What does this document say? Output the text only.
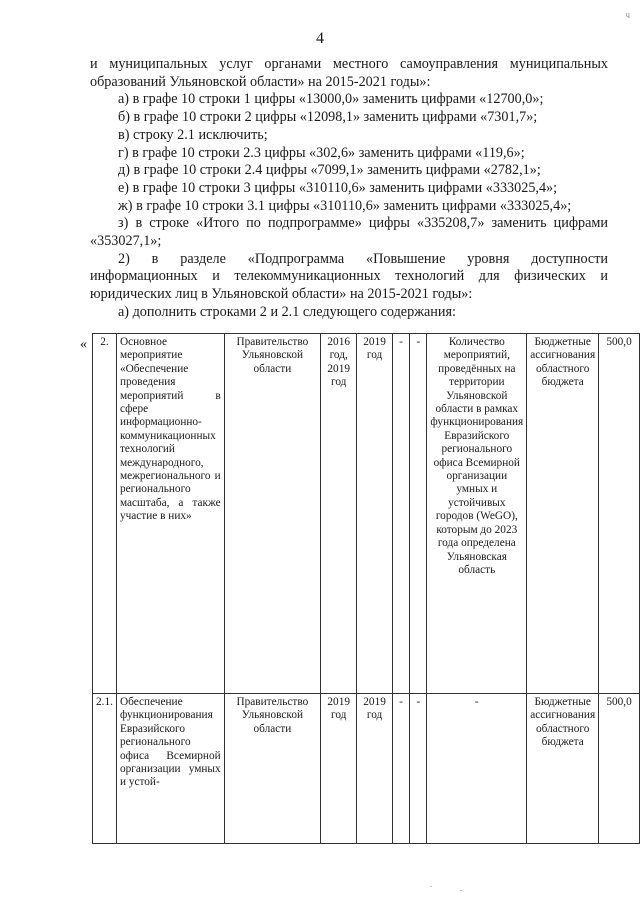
ч
4

и муниципальных услуг органами местного самоуправления муниципальных образований Ульяновской области» на 2015-2021 годы»:

а) в графе 10 строки 1 цифры «13000,0» заменить цифрами «12700,0»;

б) в графе 10 строки 2 цифры «12098,1» заменить цифрами «7301,7»;

в) строку 2.1 исключить;

г) в графе 10 строки 2.3 цифры «302,6» заменить цифрами «119,6»;

д) в графе 10 строки 2.4 цифры «7099,1» заменить цифрами «2782,1»;

е) в графе 10 строки 3 цифры «310110,6» заменить цифрами «333025,4»;

ж) в графе 10 строки 3.1 цифры «310110,6» заменить цифрами «333025,4»;

з) в строке «Итого по подпрограмме» цифры «335208,7» заменить цифрами «353027,1»;

2) в разделе «Подпрограмма «Повышение уровня доступности информационных и телекоммуникационных технологий для физических и юридических лиц в Ульяновской области» на 2015-2021 годы»:

а) дополнить строками 2 и 2.1 следующего содержания:

« 2.	Основное мероприятие «Обеспечение проведения мероприятий в сфере информационно-коммуникационных технологий международного, межрегионального и регионального масштаба, а также участие в них»	Правительство Ульяновской области	2016 год, 2019 год	2019 год	-	-	Количество мероприятий, проведённых на территории Ульяновской области в рамках функционирования Евразийского регионального офиса Всемирной организации умных и устойчивых городов (WeGO), которым до 2023 года определена Ульяновская область	Бюджетные ассигнования областного бюджета	500,0
2.1.	Обеспечение функционирования Евразийского регионального офиса Всемирной организации умных и устой-	Правительство Ульяновской области	2019 год	2019 год	-	-	-	Бюджетные ассигнования областного бюджета	500,0
.	.
